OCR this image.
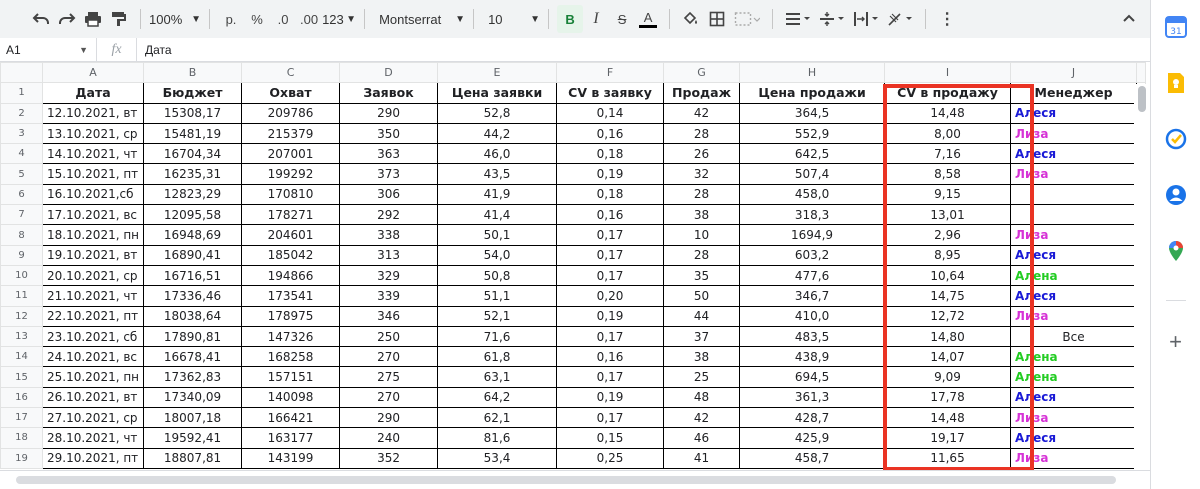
100% ▼	р.	%	.0 .00 123 ▼ Montserrat ▼ 10	▼	B	I	S	A	⋮
A1	▼	fx	Дата
	A	B	C	D	E	F	G	H	I	J	
1	Дата	Бюджет	Охват	Заявок	Цена заявки	CV в заявку	Продаж	Цена продажи	CV в продажу	Менеджер	
2	12.10.2021, вт	15308,17	209786	290	52,8	0,14	42	364,5	14,48	Алеся	
3	13.10.2021, ср	15481,19	215379	350	44,2	0,16	28	552,9	8,00	Лиза	
4	14.10.2021, чт	16704,34	207001	363	46,0	0,18	26	642,5	7,16	Алеся	
5	15.10.2021, пт	16235,31	199292	373	43,5	0,19	32	507,4	8,58	Лиза	
6	16.10.2021,сб	12823,29	170810	306	41,9	0,18	28	458,0	9,15		
7	17.10.2021, вс	12095,58	178271	292	41,4	0,16	38	318,3	13,01		
8	18.10.2021, пн	16948,69	204601	338	50,1	0,17	10	1694,9	2,96	Лиза	
9	19.10.2021, вт	16890,41	185042	313	54,0	0,17	28	603,2	8,95	Алеся	
10	20.10.2021, ср	16716,51	194866	329	50,8	0,17	35	477,6	10,64	Алена	
11	21.10.2021, чт	17336,46	173541	339	51,1	0,20	50	346,7	14,75	Алеся	
12	22.10.2021, пт	18038,64	178975	346	52,1	0,19	44	410,0	12,72	Лиза	
13	23.10.2021, сб	17890,81	147326	250	71,6	0,17	37	483,5	14,80	Все	
14	24.10.2021, вс	16678,41	168258	270	61,8	0,16	38	438,9	14,07	Алена	
15	25.10.2021, пн	17362,83	157151	275	63,1	0,17	25	694,5	9,09	Алена	
16	26.10.2021, вт	17340,09	140098	270	64,2	0,19	48	361,3	17,78	Алеся	
17	27.10.2021, ср	18007,18	166421	290	62,1	0,17	42	428,7	14,48	Лиза	
18	28.10.2021, чт	19592,41	163177	240	81,6	0,15	46	425,9	19,17	Алеся	
19	29.10.2021, пт	18807,81	143199	352	53,4	0,25	41	458,7	11,65	Лиза	
31
+
